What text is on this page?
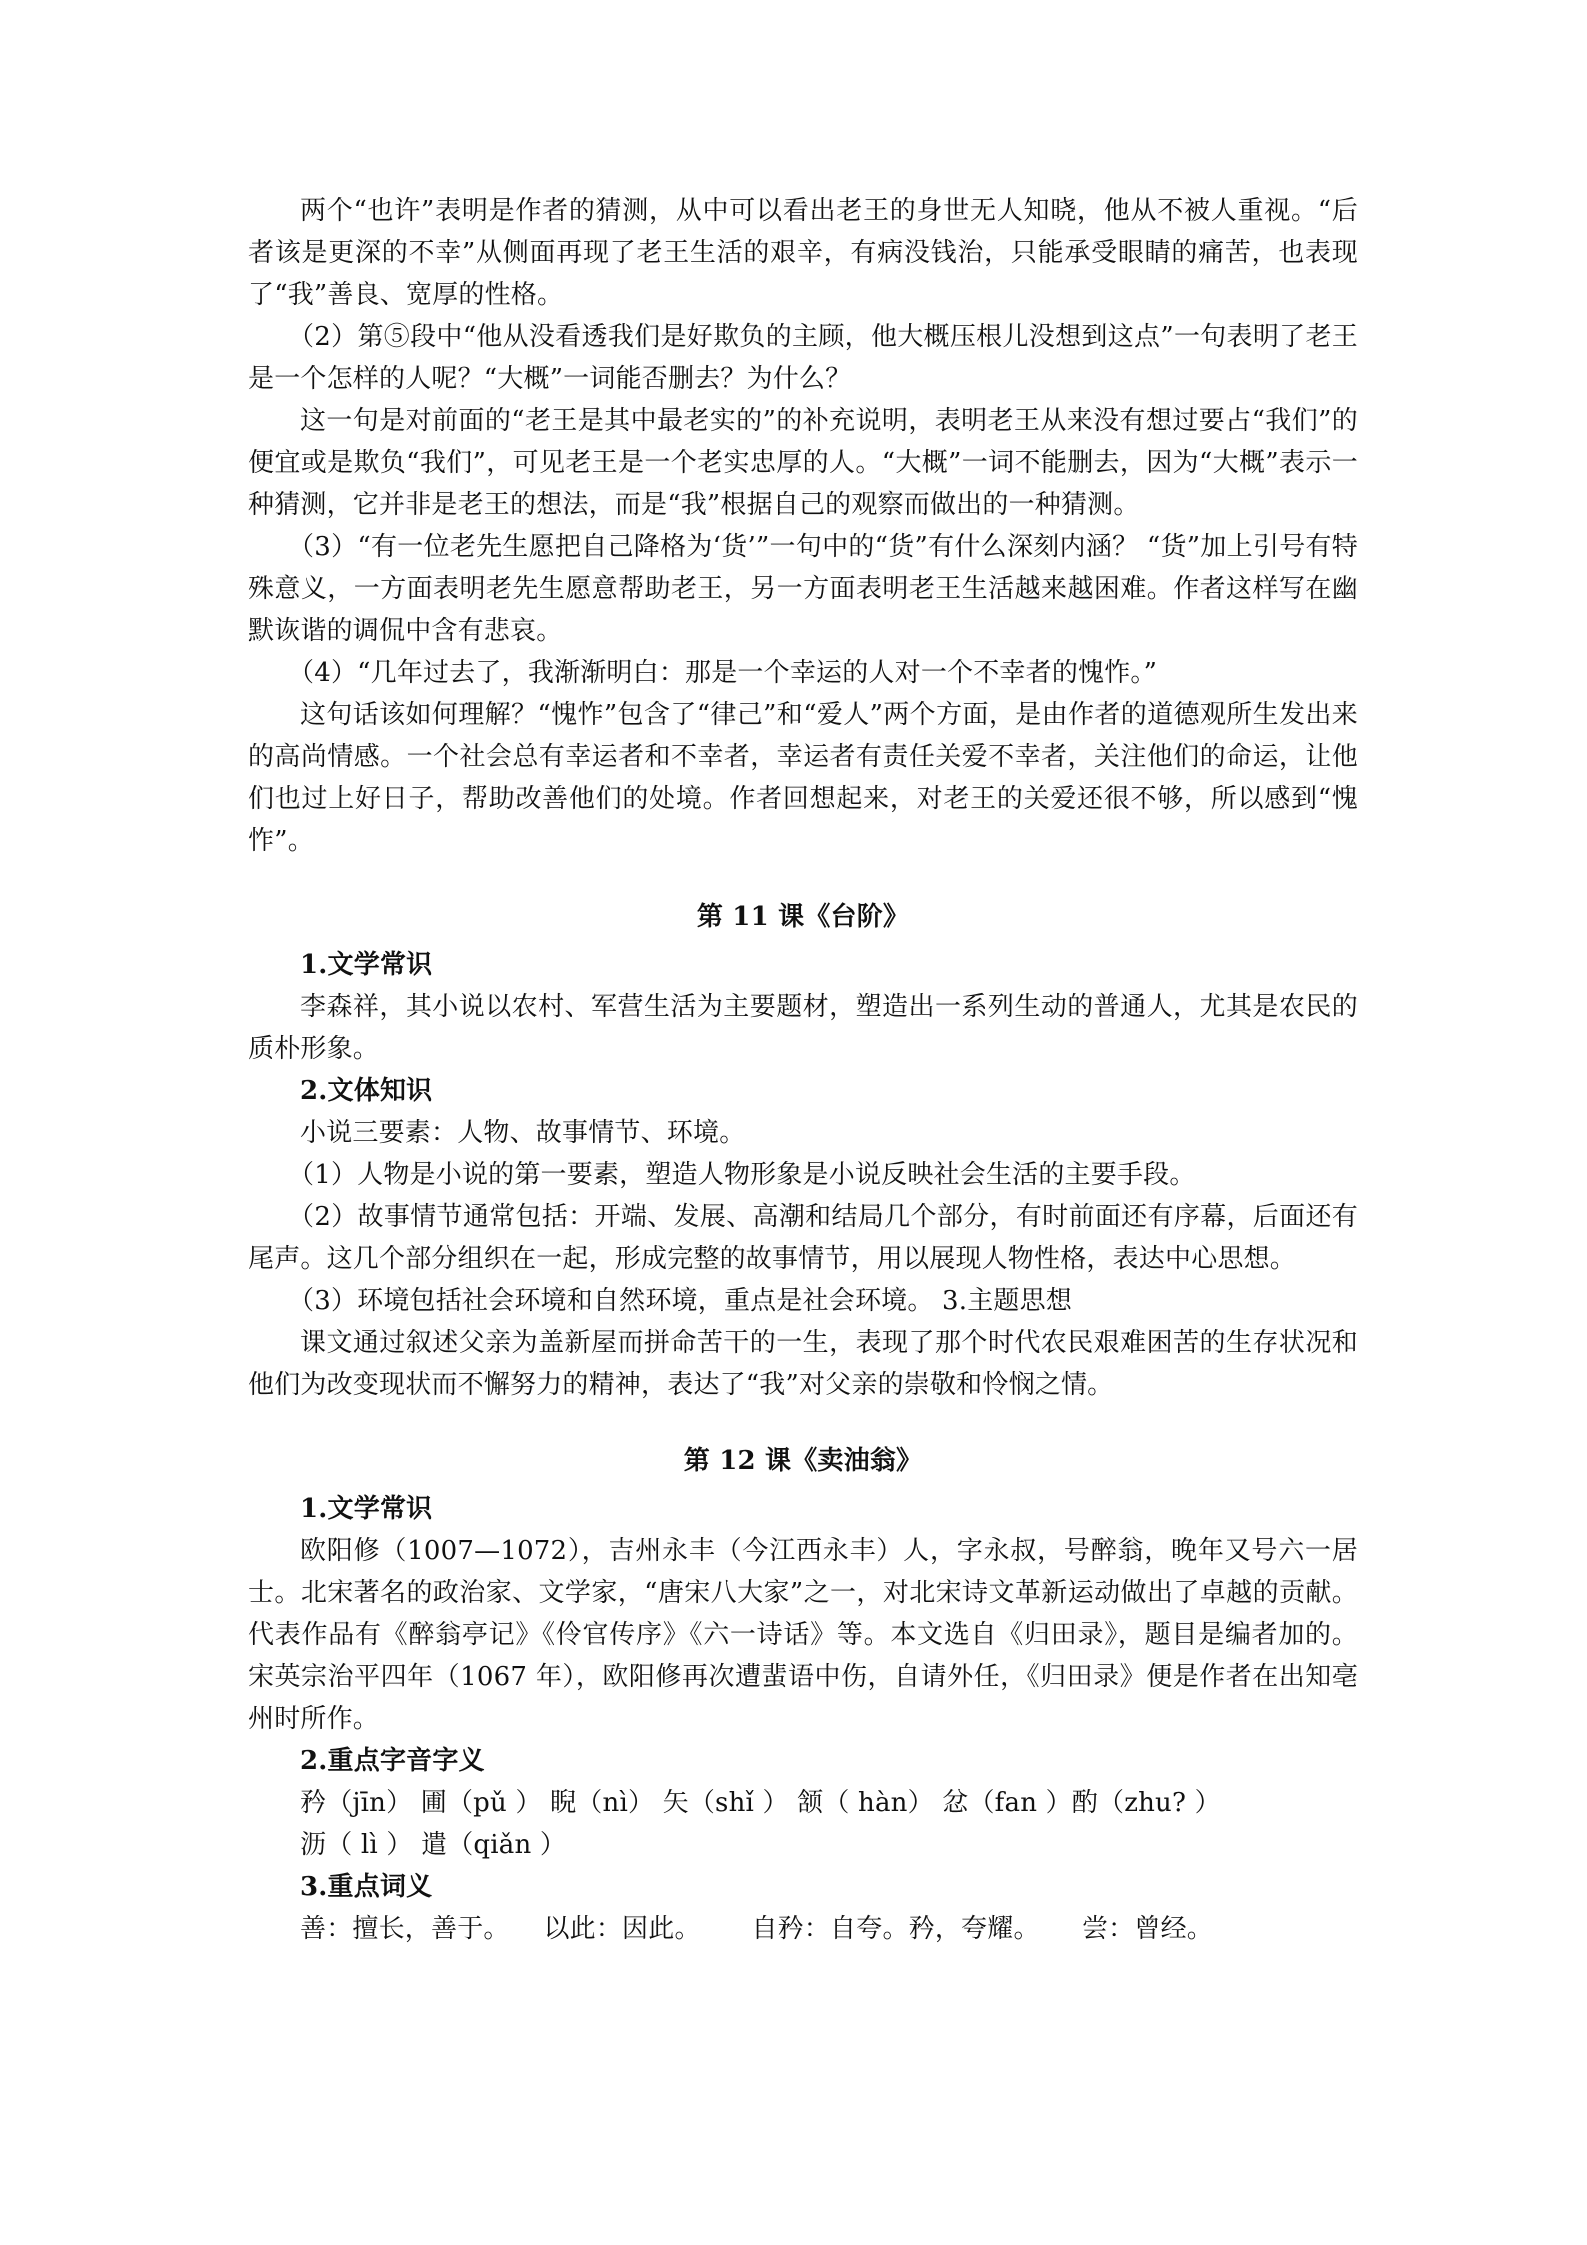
两个“也许”表明是作者的猜测，从中可以看出老王的身世无人知晓，他从不被人重视。“后者该是更深的不幸”从侧面再现了老王生活的艰辛，有病没钱治，只能承受眼睛的痛苦，也表现了“我”善良、宽厚的性格。

（2）第⑤段中“他从没看透我们是好欺负的主顾，他大概压根儿没想到这点”一句表明了老王是一个怎样的人呢？“大概”一词能否删去？为什么？

这一句是对前面的“老王是其中最老实的”的补充说明，表明老王从来没有想过要占“我们”的便宜或是欺负“我们”，可见老王是一个老实忠厚的人。“大概”一词不能删去，因为“大概”表示一种猜测，它并非是老王的想法，而是“我”根据自己的观察而做出的一种猜测。

（3）“有一位老先生愿把自己降格为‘货’”一句中的“货”有什么深刻内涵？ “货”加上引号有特殊意义，一方面表明老先生愿意帮助老王，另一方面表明老王生活越来越困难。作者这样写在幽默诙谐的调侃中含有悲哀。

（4）“几年过去了，我渐渐明白：那是一个幸运的人对一个不幸者的愧怍。”

这句话该如何理解？“愧怍”包含了“律己”和“爱人”两个方面，是由作者的道德观所生发出来的高尚情感。一个社会总有幸运者和不幸者，幸运者有责任关爱不幸者，关注他们的命运，让他们也过上好日子，帮助改善他们的处境。作者回想起来，对老王的关爱还很不够，所以感到“愧怍”。

第 11 课《台阶》

1.文学常识

李森祥，其小说以农村、军营生活为主要题材，塑造出一系列生动的普通人，尤其是农民的质朴形象。

2.文体知识

小说三要素：人物、故事情节、环境。

（1）人物是小说的第一要素，塑造人物形象是小说反映社会生活的主要手段。

（2）故事情节通常包括：开端、发展、高潮和结局几个部分，有时前面还有序幕，后面还有尾声。这几个部分组织在一起，形成完整的故事情节，用以展现人物性格，表达中心思想。

（3）环境包括社会环境和自然环境，重点是社会环境。 3.主题思想

课文通过叙述父亲为盖新屋而拼命苦干的一生，表现了那个时代农民艰难困苦的生存状况和他们为改变现状而不懈努力的精神，表达了“我”对父亲的崇敬和怜悯之情。

第 12 课《卖油翁》

1.文学常识

欧阳修（1007—1072），吉州永丰（今江西永丰）人，字永叔，号醉翁，晚年又号六一居士。北宋著名的政治家、文学家，“唐宋八大家”之一，对北宋诗文革新运动做出了卓越的贡献。代表作品有《醉翁亭记》《伶官传序》《六一诗话》等。本文选自《归田录》，题目是编者加的。宋英宗治平四年（1067 年），欧阳修再次遭蜚语中伤，自请外任，《归田录》便是作者在出知亳州时所作。

2.重点字音字义

矜（jīn） 圃（pǔ ） 睨（nì） 矢（shǐ ） 颔（ hàn） 忿（fan ）酌（zhu? ）

沥（ lì ） 遣（qiǎn ）

3.重点词义

善：擅长，善于。    以此：因此。      自矜：自夸。矜，夸耀。     尝：曾经。
